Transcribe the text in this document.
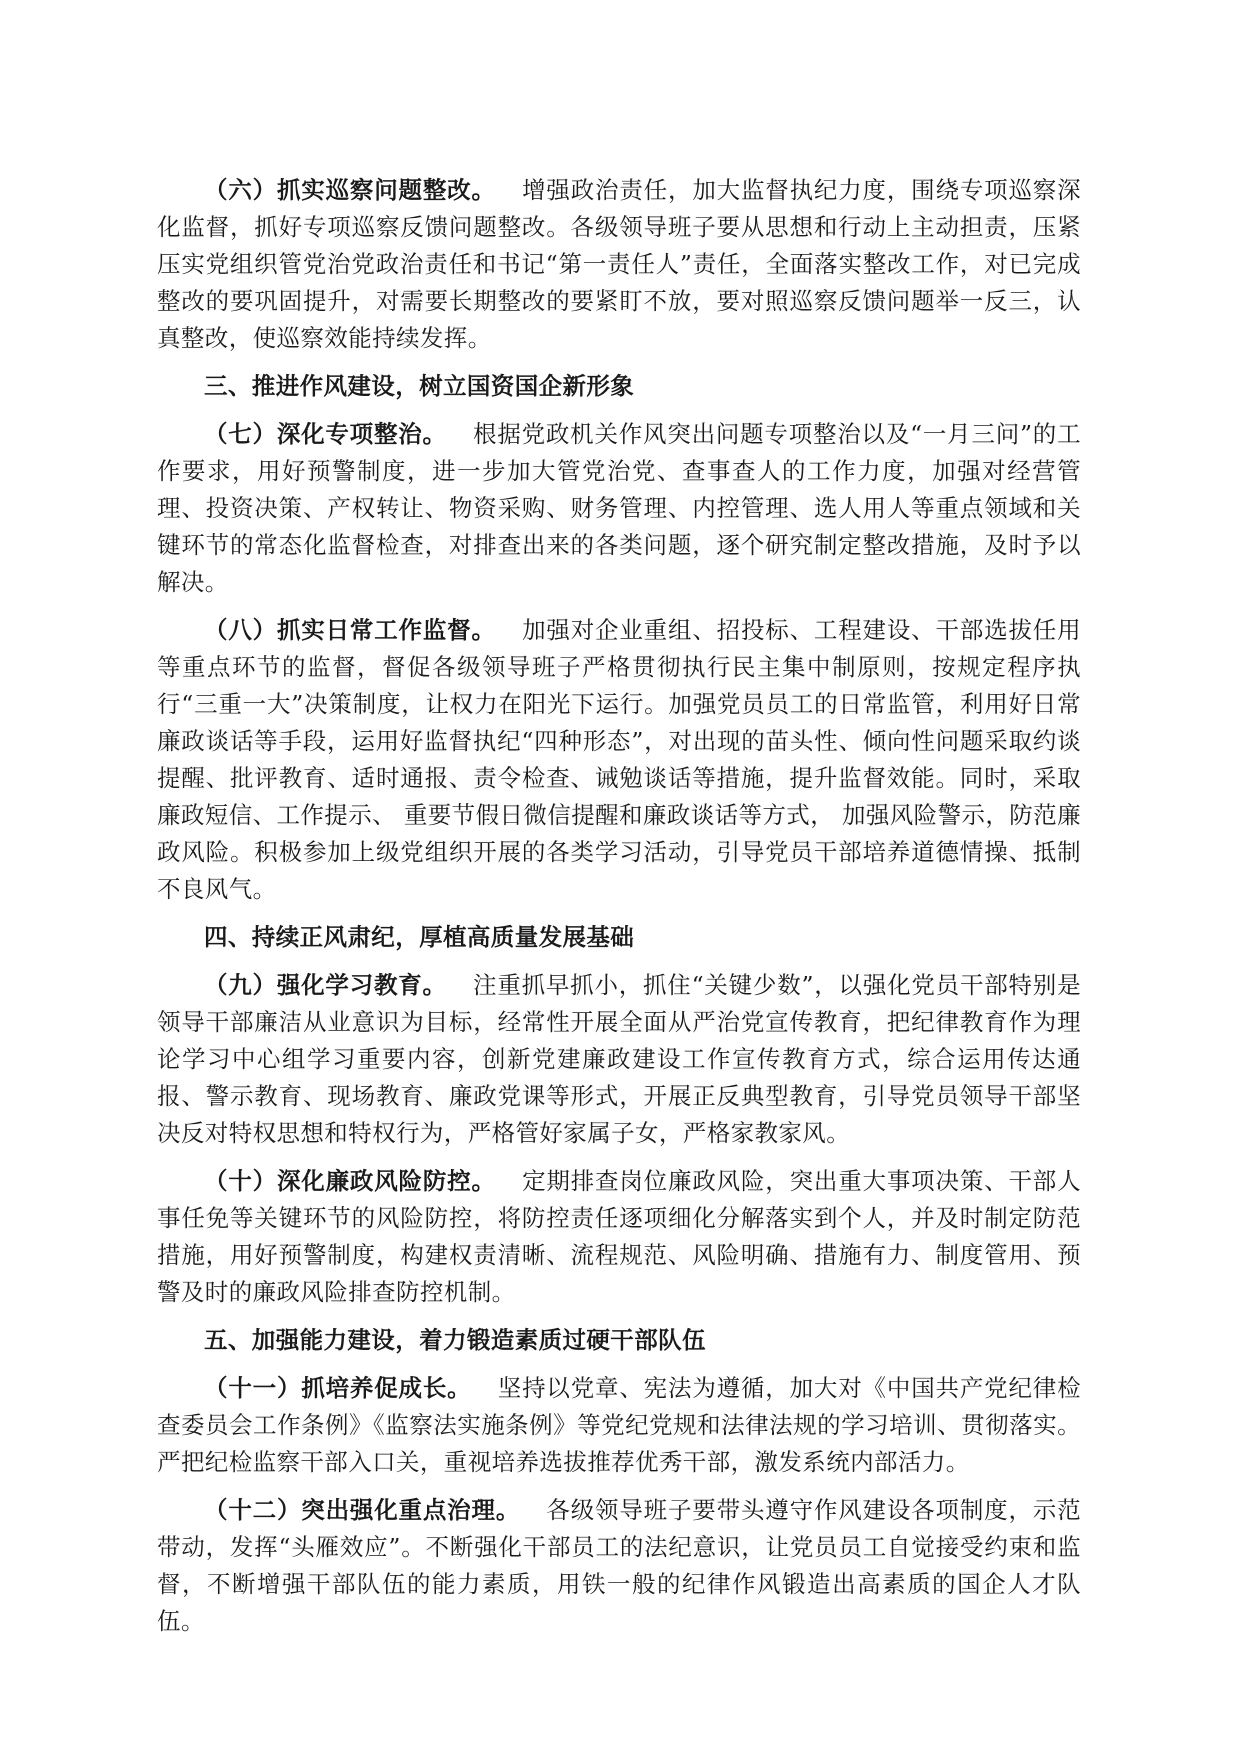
（六）抓实巡察问题整改。 增强政治责任，加大监督执纪力度，围绕专项巡察深化监督，抓好专项巡察反馈问题整改。各级领导班子要从思想和行动上主动担责，压紧压实党组织管党治党政治责任和书记“第一责任人”责任，全面落实整改工作，对已完成整改的要巩固提升，对需要长期整改的要紧盯不放，要对照巡察反馈问题举一反三，认真整改，使巡察效能持续发挥。

三、推进作风建设，树立国资国企新形象

（七）深化专项整治。 根据党政机关作风突出问题专项整治以及“一月三问”的工作要求，用好预警制度，进一步加大管党治党、查事查人的工作力度，加强对经营管理、投资决策、产权转让、物资采购、财务管理、内控管理、选人用人等重点领域和关键环节的常态化监督检查，对排查出来的各类问题，逐个研究制定整改措施，及时予以解决。

（八）抓实日常工作监督。 加强对企业重组、招投标、工程建设、干部选拔任用等重点环节的监督，督促各级领导班子严格贯彻执行民主集中制原则，按规定程序执行“三重一大”决策制度，让权力在阳光下运行。加强党员员工的日常监管，利用好日常廉政谈话等手段，运用好监督执纪“四种形态”，对出现的苗头性、倾向性问题采取约谈提醒、批评教育、适时通报、责令检查、诫勉谈话等措施，提升监督效能。同时，采取廉政短信、工作提示、 重要节假日微信提醒和廉政谈话等方式， 加强风险警示，防范廉政风险。积极参加上级党组织开展的各类学习活动，引导党员干部培养道德情操、抵制不良风气。

四、持续正风肃纪，厚植高质量发展基础

（九）强化学习教育。 注重抓早抓小，抓住“关键少数”，以强化党员干部特别是领导干部廉洁从业意识为目标，经常性开展全面从严治党宣传教育，把纪律教育作为理论学习中心组学习重要内容，创新党建廉政建设工作宣传教育方式，综合运用传达通报、警示教育、现场教育、廉政党课等形式，开展正反典型教育，引导党员领导干部坚决反对特权思想和特权行为，严格管好家属子女，严格家教家风。

（十）深化廉政风险防控。 定期排查岗位廉政风险，突出重大事项决策、干部人事任免等关键环节的风险防控，将防控责任逐项细化分解落实到个人，并及时制定防范措施，用好预警制度，构建权责清晰、流程规范、风险明确、措施有力、制度管用、预警及时的廉政风险排查防控机制。

五、加强能力建设，着力锻造素质过硬干部队伍

（十一）抓培养促成长。 坚持以党章、宪法为遵循，加大对《中国共产党纪律检查委员会工作条例》《监察法实施条例》等党纪党规和法律法规的学习培训、贯彻落实。严把纪检监察干部入口关，重视培养选拔推荐优秀干部，激发系统内部活力。

（十二）突出强化重点治理。 各级领导班子要带头遵守作风建设各项制度，示范带动，发挥“头雁效应”。不断强化干部员工的法纪意识，让党员员工自觉接受约束和监督，不断增强干部队伍的能力素质，用铁一般的纪律作风锻造出高素质的国企人才队伍。
